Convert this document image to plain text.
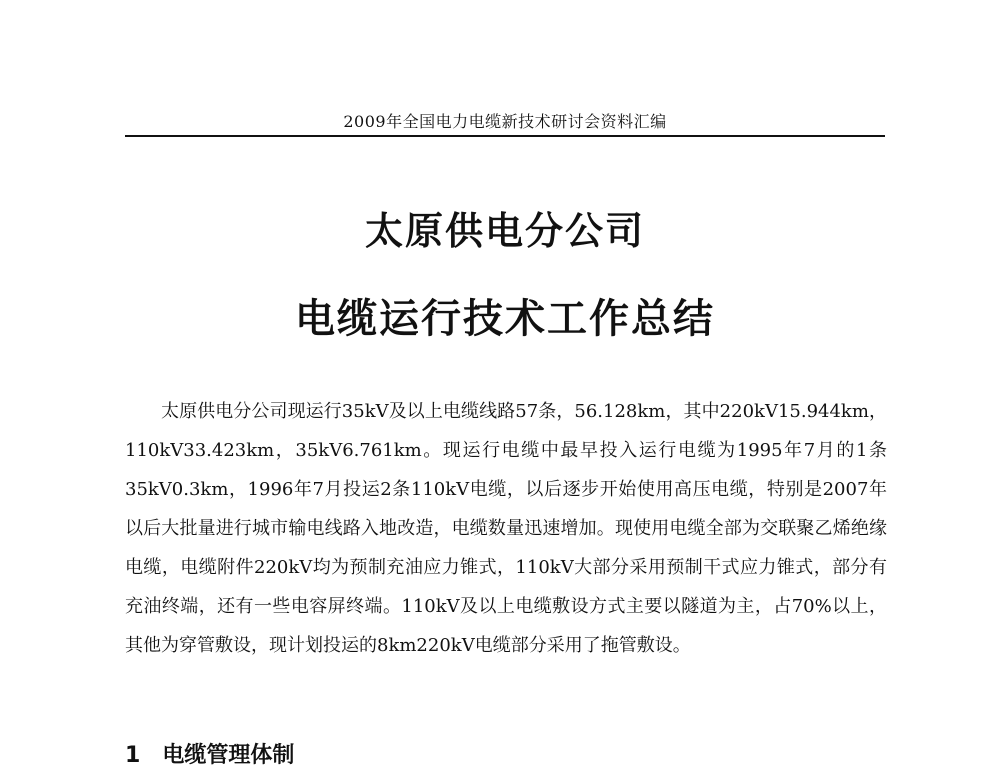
2009年全国电力电缆新技术研讨会资料汇编
太原供电分公司
电缆运行技术工作总结

太原供电分公司现运行35kV及以上电缆线路57条，56.128km，其中220kV15.944km，110kV33.423km，35kV6.761km。现运行电缆中最早投入运行电缆为1995年7月的1条35kV0.3km，1996年7月投运2条110kV电缆，以后逐步开始使用高压电缆，特别是2007年以后大批量进行城市输电线路入地改造，电缆数量迅速增加。现使用电缆全部为交联聚乙烯绝缘电缆，电缆附件220kV均为预制充油应力锥式，110kV大部分采用预制干式应力锥式，部分有充油终端，还有一些电容屏终端。110kV及以上电缆敷设方式主要以隧道为主，占70%以上，其他为穿管敷设，现计划投运的8km220kV电缆部分采用了拖管敷设。

1 电缆管理体制
